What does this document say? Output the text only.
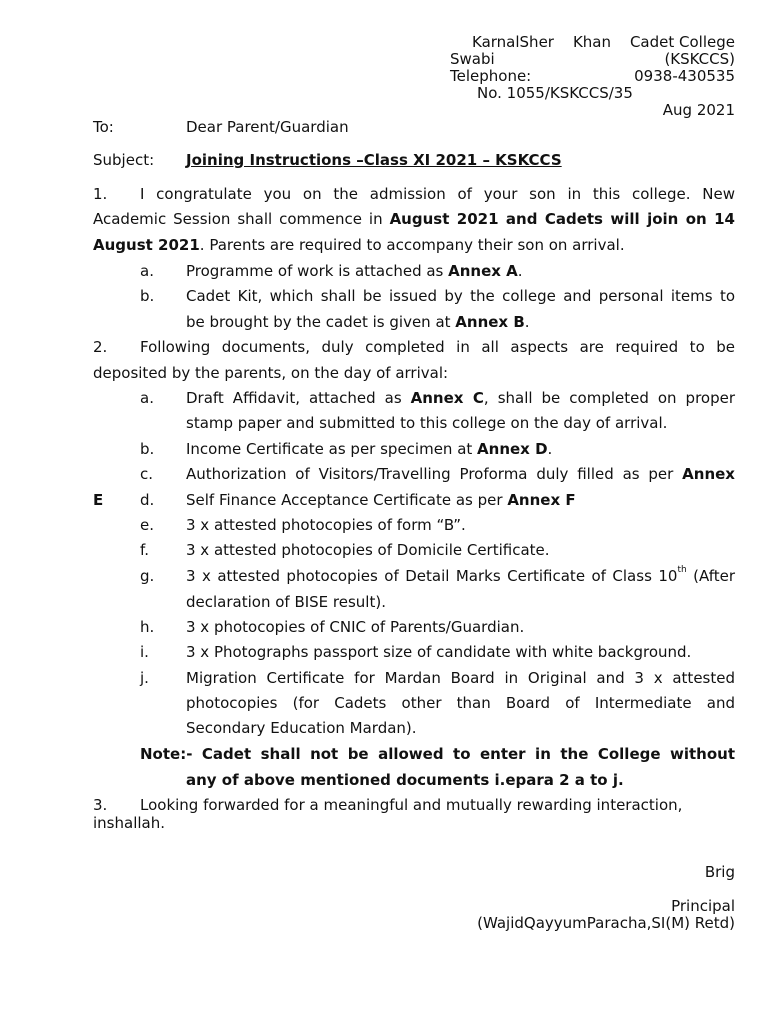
KarnalSher Khan Cadet College
Swabi	(KSKCCS)
Telephone:	0938-430535
No. 1055/KSKCCS/35
Aug 2021
To:	Dear Parent/Guardian
Subject: Joining Instructions –Class XI 2021 – KSKCCS
1. I congratulate you on the admission of your son in this college. New
Academic Session shall commence in August 2021 and Cadets will join on 14
August 2021. Parents are required to accompany their son on arrival.
a. Programme of work is attached as Annex A.
b. Cadet Kit, which shall be issued by the college and personal items to
be brought by the cadet is given at Annex B.
2. Following documents, duly completed in all aspects are required to be
deposited by the parents, on the day of arrival:
a. Draft Affidavit, attached as Annex C, shall be completed on proper
stamp paper and submitted to this college on the day of arrival.
b. Income Certificate as per specimen at Annex D.
c. Authorization of Visitors/Travelling Proforma duly filled as per Annex
E d. Self Finance Acceptance Certificate as per Annex F
e. 3 x attested photocopies of form “B”.
f. 3 x attested photocopies of Domicile Certificate.
g. 3 x attested photocopies of Detail Marks Certificate of Class 10th (After
declaration of BISE result).
h. 3 x photocopies of CNIC of Parents/Guardian.
i. 3 x Photographs passport size of candidate with white background.
j. Migration Certificate for Mardan Board in Original and 3 x attested
photocopies (for Cadets other than Board of Intermediate and
Secondary Education Mardan).
Note:- Cadet shall not be allowed to enter in the College without
any of above mentioned documents i.epara 2 a to j.
3. Looking forwarded for a meaningful and mutually rewarding interaction,
inshallah.
Brig
Principal
(WajidQayyumParacha,SI(M) Retd)
